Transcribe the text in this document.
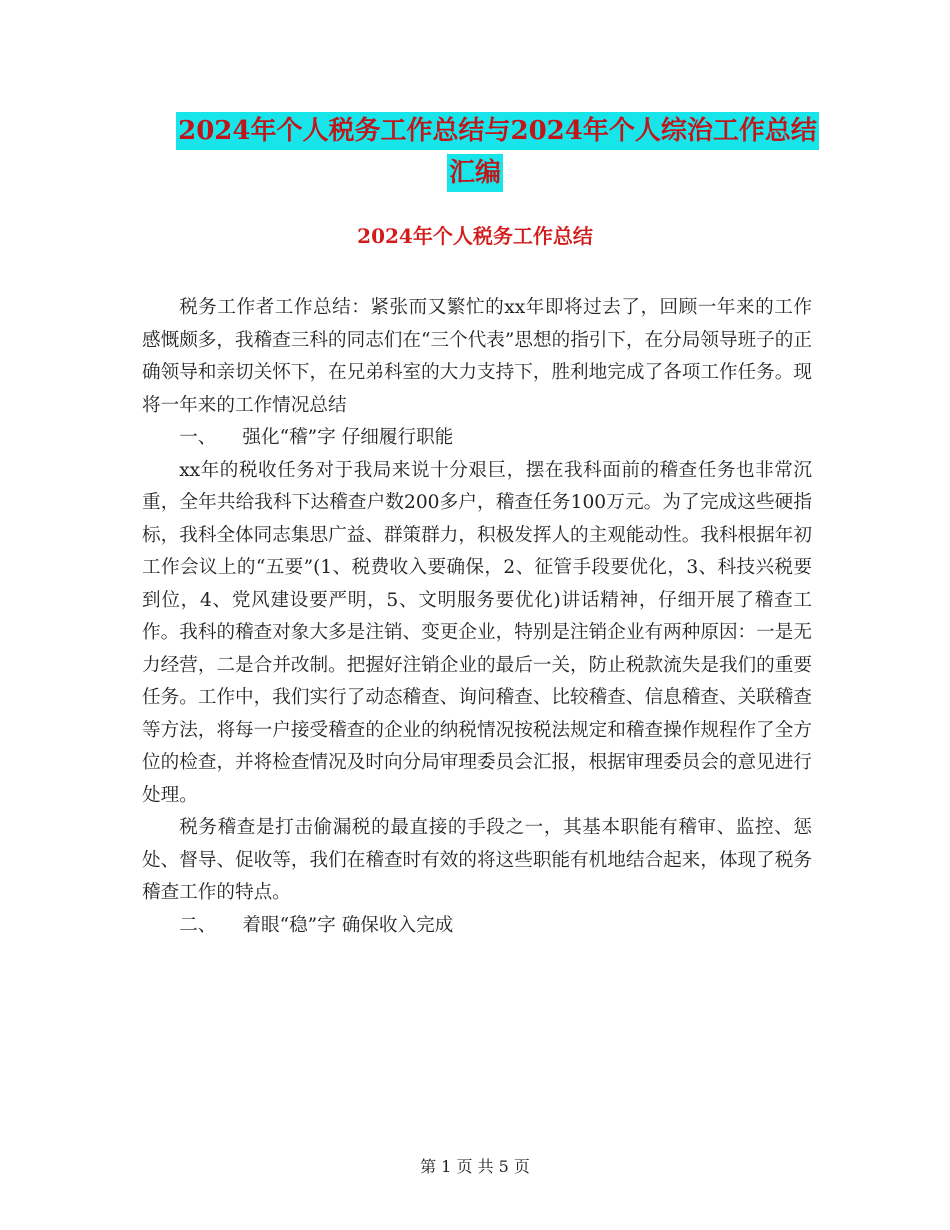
2024年个人税务工作总结与2024年个人综治工作总结
汇编
2024年个人税务工作总结

税务工作者工作总结：紧张而又繁忙的xx年即将过去了，回顾一年来的工作感慨颇多，我稽查三科的同志们在“三个代表”思想的指引下，在分局领导班子的正确领导和亲切关怀下，在兄弟科室的大力支持下，胜利地完成了各项工作任务。现将一年来的工作情况总结

一、 强化“稽”字 仔细履行职能

xx年的税收任务对于我局来说十分艰巨，摆在我科面前的稽查任务也非常沉重，全年共给我科下达稽查户数200多户，稽查任务100万元。为了完成这些硬指标，我科全体同志集思广益、群策群力，积极发挥人的主观能动性。我科根据年初工作会议上的“五要”(1、税费收入要确保，2、征管手段要优化，3、科技兴税要到位，4、党风建设要严明，5、文明服务要优化)讲话精神，仔细开展了稽查工作。我科的稽查对象大多是注销、变更企业，特别是注销企业有两种原因：一是无力经营，二是合并改制。把握好注销企业的最后一关，防止税款流失是我们的重要任务。工作中，我们实行了动态稽查、询问稽查、比较稽查、信息稽查、关联稽查等方法，将每一户接受稽查的企业的纳税情况按税法规定和稽查操作规程作了全方位的检查，并将检查情况及时向分局审理委员会汇报，根据审理委员会的意见进行处理。

税务稽查是打击偷漏税的最直接的手段之一，其基本职能有稽审、监控、惩处、督导、促收等，我们在稽查时有效的将这些职能有机地结合起来，体现了税务稽查工作的特点。

二、 着眼“稳”字 确保收入完成

第 1 页 共 5 页
